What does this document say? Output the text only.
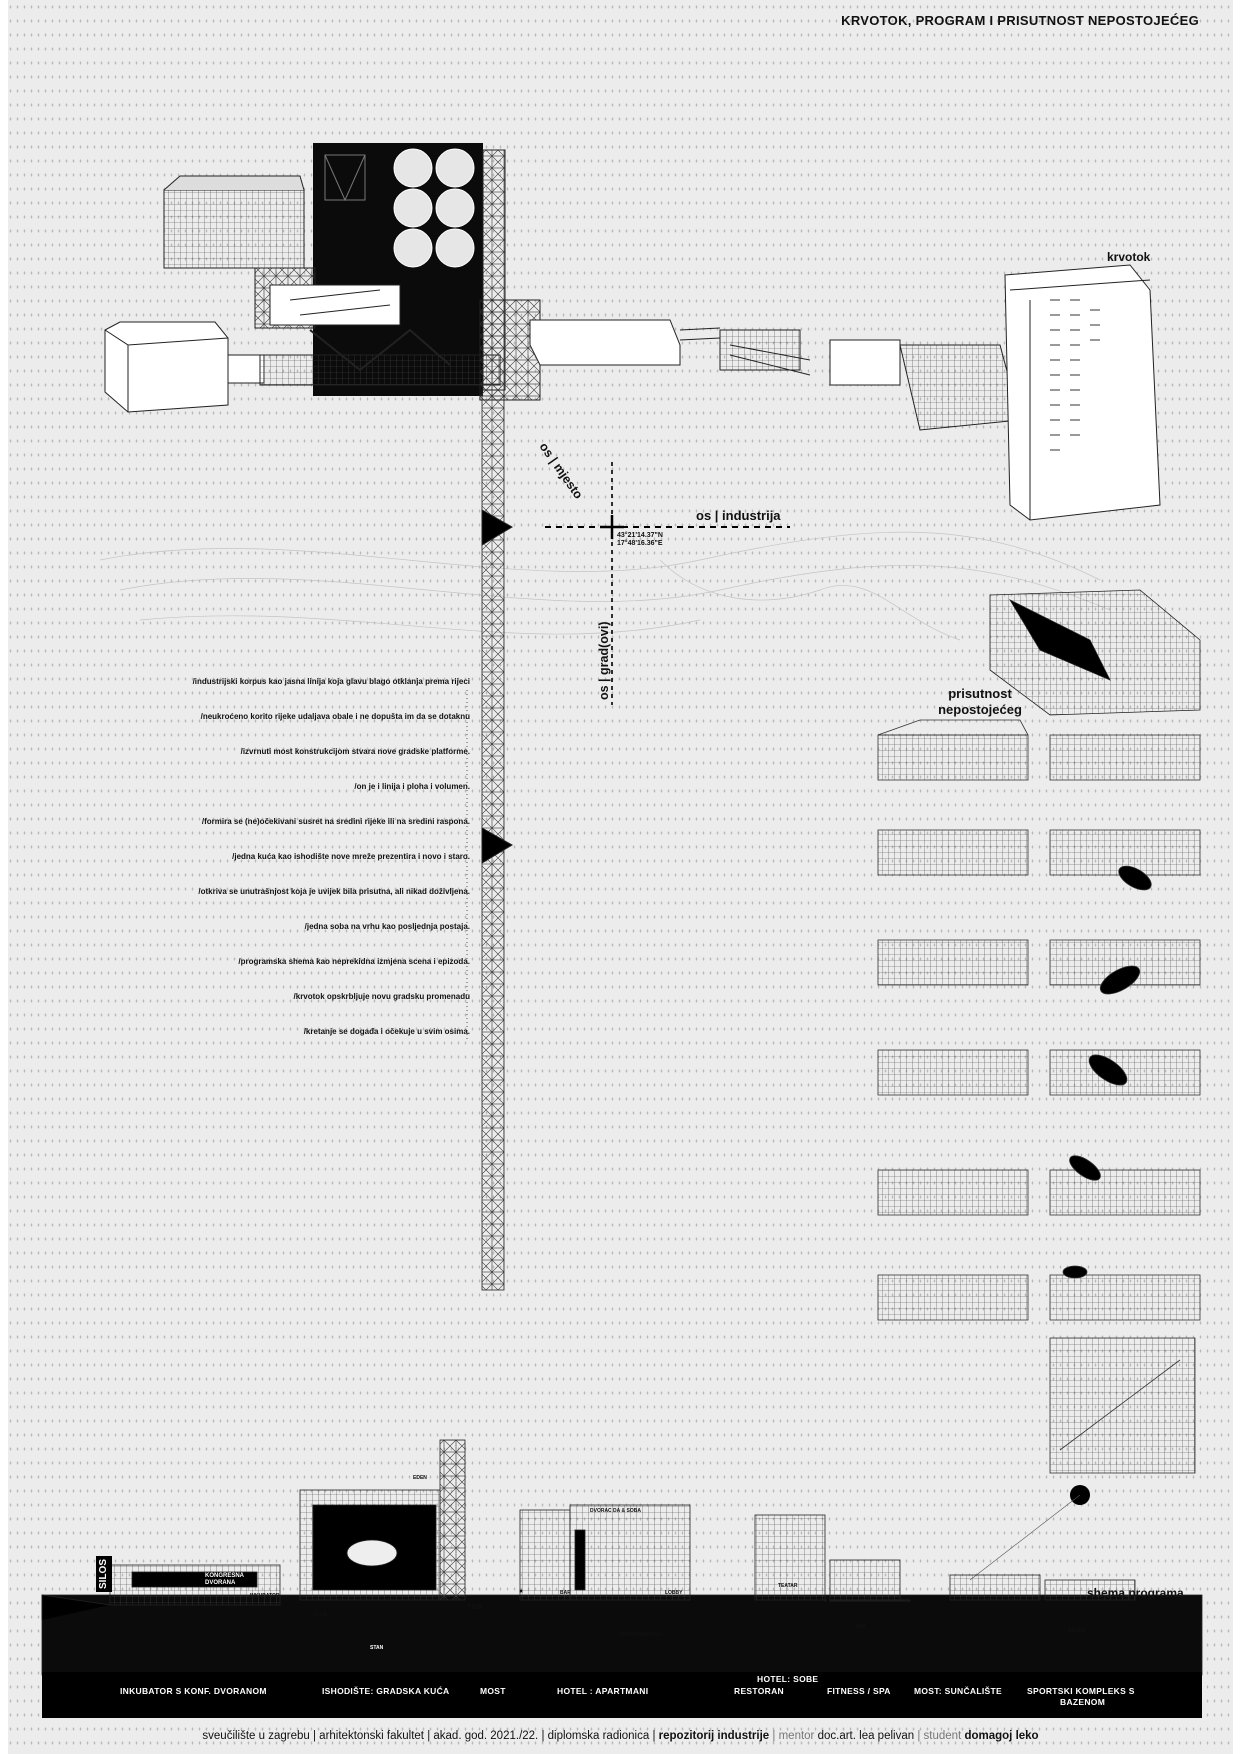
KRVOTOK, PROGRAM I PRISUTNOST NEPOSTOJEĆEG
krvotok
prisutnost
nepostojećeg
shema programa
os | mjesto
os | industrija
os | grad(ovi)
43°21'14.37"N
17°48'16.36"E
/industrijski korpus kao jasna linija koja glavu blago otklanja prema rijeci
/neukroćeno korito rijeke udaljava obale i ne dopušta im da se dotaknu
/izvrnuti most konstrukcijom stvara nove gradske platforme.
/on je i linija i ploha i volumen.
/formira se (ne)očekivani susret na sredini rijeke ili na sredini raspona.
/jedna kuća kao ishodište nove mreže prezentira i novo i staro.
/otkriva se unutrašnjost koja je uvijek bila prisutna, ali nikad doživljena.
/jedna soba na vrhu kao posljednja postaja.
/programska shema kao neprekidna izmjena scena i epizoda.
/krvotok opskrbljuje novu gradsku promenadu
/kretanje se događa i očekuje u svim osima.
SILOS	KONGRESNA DVORANA
INKUBATOR
KLUB
EDEN
TRIB
DVORAC DA & SOBA
BAR	LOBBY
GOSPODARSTVO
TEATAR
SPA
BAZEN
STAN
INKUBATOR S KONF. DVORANOM	ISHODIŠTE: GRADSKA KUĆA	MOST	HOTEL : APARTMANI	RESTORAN
HOTEL: SOBE
FITNESS / SPA	MOST: SUNČALIŠTE	SPORTSKI KOMPLEKS S
BAZENOM
sveučilište u zagrebu | arhitektonski fakultet | akad. god. 2021./22. | diplomska radionica | repozitorij industrije | mentor doc.art. lea pelivan | student domagoj leko
